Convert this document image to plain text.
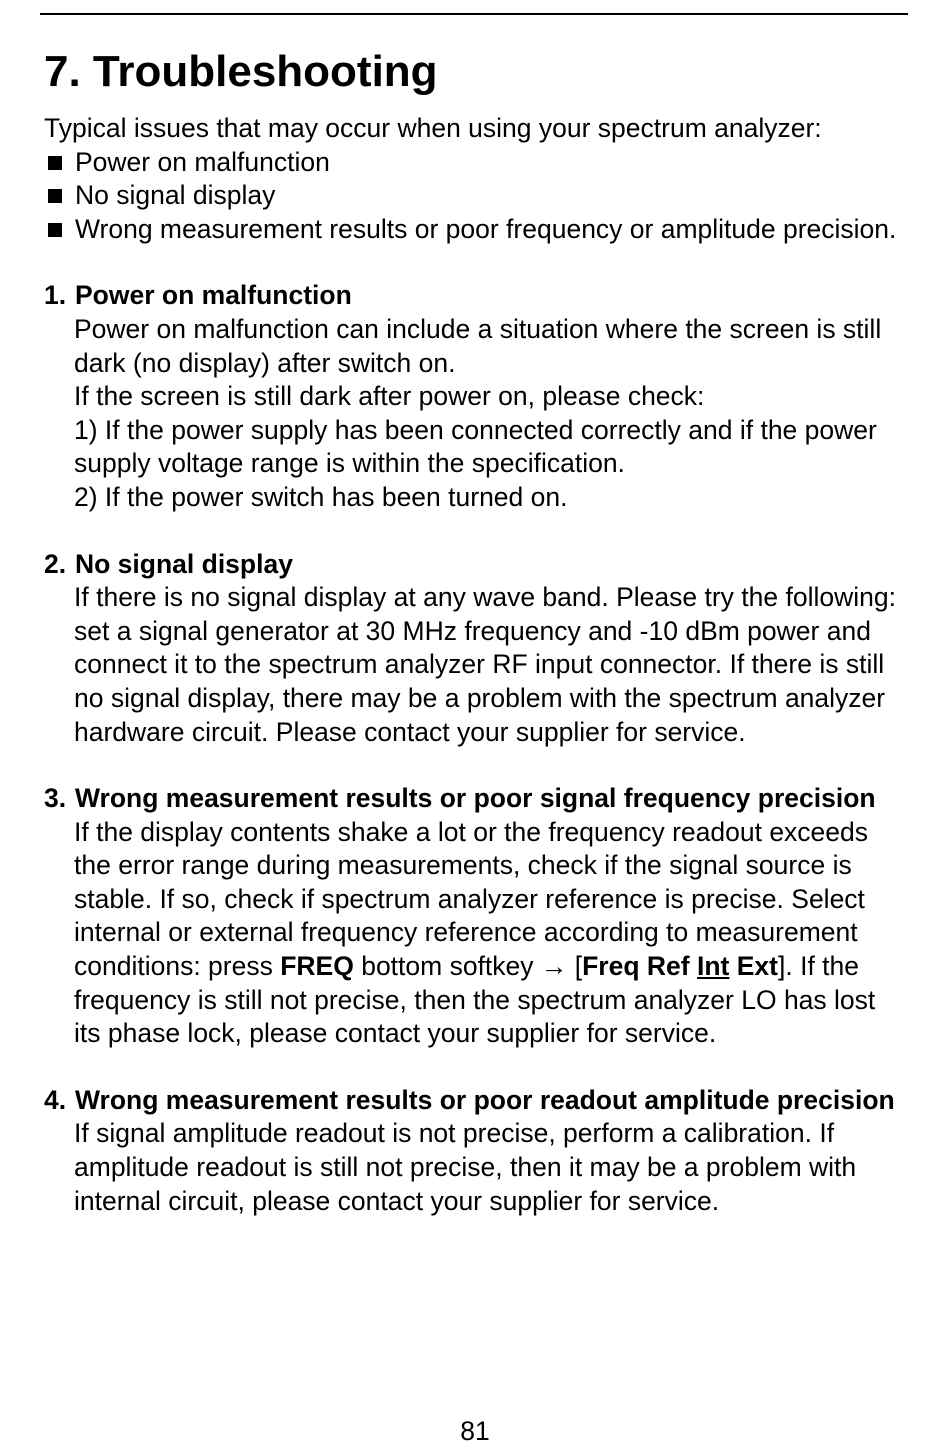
7. Troubleshooting

Typical issues that may occur when using your spectrum analyzer:

Power on malfunction
No signal display
Wrong measurement results or poor frequency or amplitude precision.
1. Power on malfunction

Power on malfunction can include a situation where the screen is still dark (no display) after switch on.

If the screen is still dark after power on, please check:

1) If the power supply has been connected correctly and if the power supply voltage range is within the specification.

2) If the power switch has been turned on.

2. No signal display

If there is no signal display at any wave band. Please try the following: set a signal generator at 30 MHz frequency and -10 dBm power and connect it to the spectrum analyzer RF input connector. If there is still no signal display, there may be a problem with the spectrum analyzer hardware circuit. Please contact your supplier for service.

3. Wrong measurement results or poor signal frequency precision

If the display contents shake a lot or the frequency readout exceeds the error range during measurements, check if the signal source is stable. If so, check if spectrum analyzer reference is precise. Select internal or external frequency reference according to measurement conditions: press FREQ bottom softkey → [Freq Ref Int Ext]. If the frequency is still not precise, then the spectrum analyzer LO has lost its phase lock, please contact your supplier for service.

4. Wrong measurement results or poor readout amplitude precision

If signal amplitude readout is not precise, perform a calibration. If amplitude readout is still not precise, then it may be a problem with internal circuit, please contact your supplier for service.

81
